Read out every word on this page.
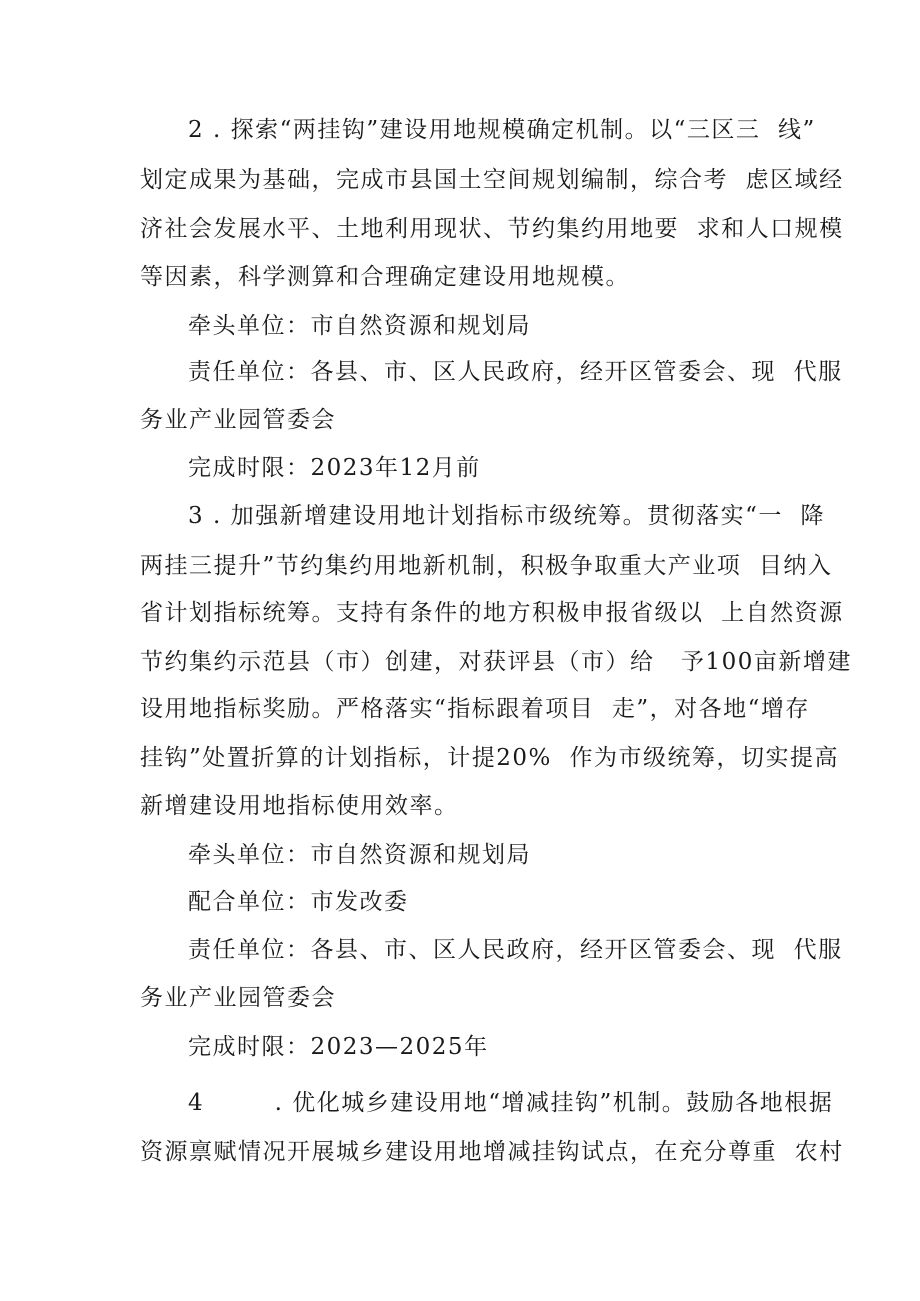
2 . 探索“两挂钩”建设用地规模确定机制。以“三区三  线”
划定成果为基础，完成市县国土空间规划编制，综合考  虑区域经
济社会发展水平、土地利用现状、节约集约用地要  求和人口规模
等因素，科学测算和合理确定建设用地规模。
牵头单位：市自然资源和规划局
责任单位：各县、市、区人民政府，经开区管委会、现  代服
务业产业园管委会
完成时限：2023年12月前
3 . 加强新增建设用地计划指标市级统筹。贯彻落实“一  降
两挂三提升”节约集约用地新机制，积极争取重大产业项  目纳入
省计划指标统筹。支持有条件的地方积极申报省级以  上自然资源
节约集约示范县（市）创建，对获评县（市）给   予100亩新增建
设用地指标奖励。严格落实“指标跟着项目  走”，对各地“增存
挂钩”处置折算的计划指标，计提20%  作为市级统筹，切实提高
新增建设用地指标使用效率。
牵头单位：市自然资源和规划局
配合单位：市发改委
责任单位：各县、市、区人民政府，经开区管委会、现  代服
务业产业园管委会
完成时限：2023—2025年
4        . 优化城乡建设用地“增减挂钩”机制。鼓励各地根据
资源禀赋情况开展城乡建设用地增减挂钩试点，在充分尊重  农村
